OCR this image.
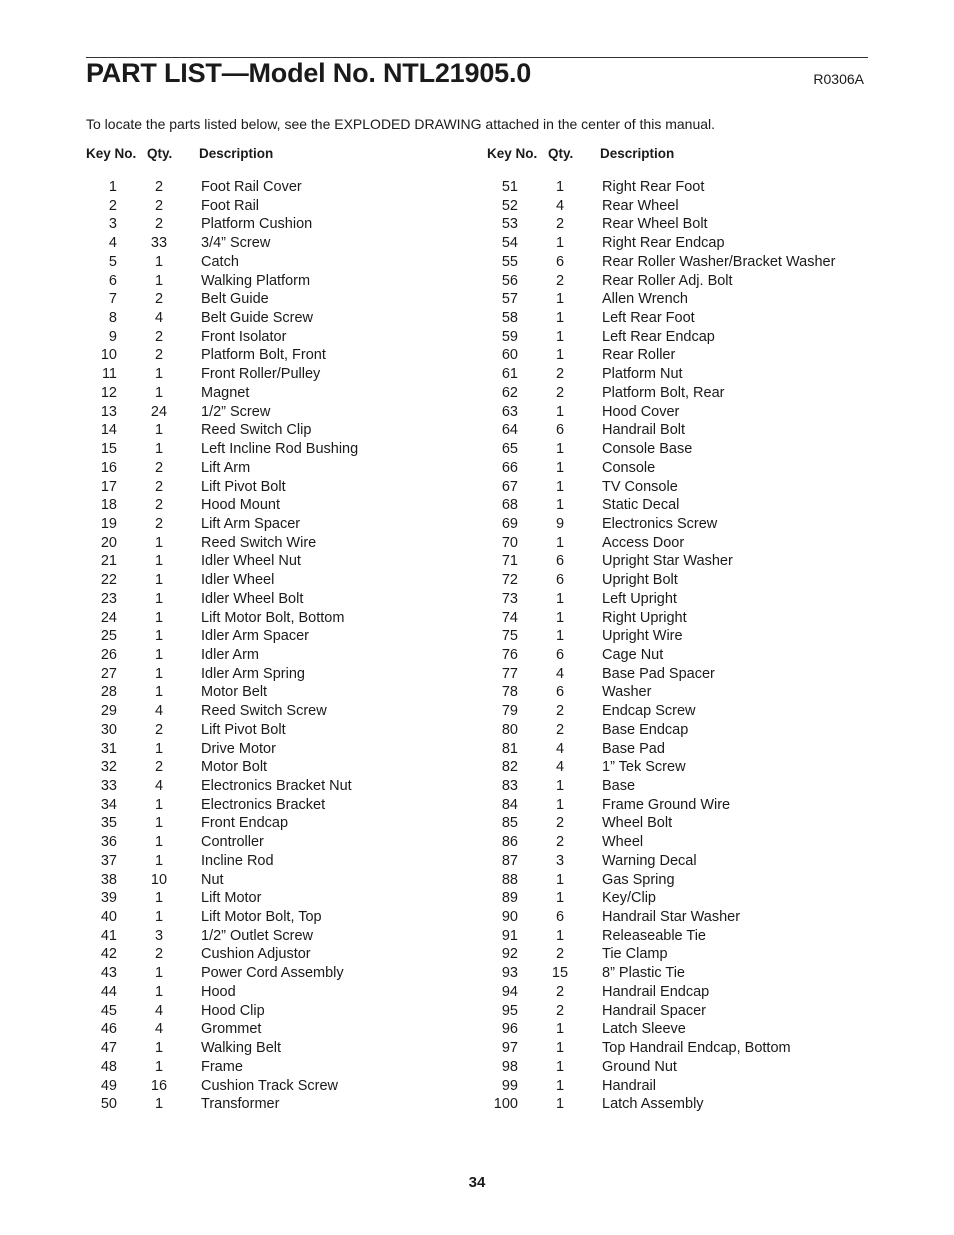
PART LIST—Model No. NTL21905.0	R0306A
To locate the parts listed below, see the EXPLODED DRAWING attached in the center of this manual.
Key No. Qty. Description
1	2	Foot Rail Cover
2	2	Foot Rail
3	2	Platform Cushion
4	33	3/4” Screw
5	1	Catch
6	1	Walking Platform
7	2	Belt Guide
8	4	Belt Guide Screw
9	2	Front Isolator
10	2	Platform Bolt, Front
11	1	Front Roller/Pulley
12	1	Magnet
13	24	1/2” Screw
14	1	Reed Switch Clip
15	1	Left Incline Rod Bushing
16	2	Lift Arm
17	2	Lift Pivot Bolt
18	2	Hood Mount
19	2	Lift Arm Spacer
20	1	Reed Switch Wire
21	1	Idler Wheel Nut
22	1	Idler Wheel
23	1	Idler Wheel Bolt
24	1	Lift Motor Bolt, Bottom
25	1	Idler Arm Spacer
26	1	Idler Arm
27	1	Idler Arm Spring
28	1	Motor Belt
29	4	Reed Switch Screw
30	2	Lift Pivot Bolt
31	1	Drive Motor
32	2	Motor Bolt
33	4	Electronics Bracket Nut
34	1	Electronics Bracket
35	1	Front Endcap
36	1	Controller
37	1	Incline Rod
38	10	Nut
39	1	Lift Motor
40	1	Lift Motor Bolt, Top
41	3	1/2” Outlet Screw
42	2	Cushion Adjustor
43	1	Power Cord Assembly
44	1	Hood
45	4	Hood Clip
46	4	Grommet
47	1	Walking Belt
48	1	Frame
49	16	Cushion Track Screw
50	1	Transformer
Key No. Qty. Description
51	1	Right Rear Foot
52	4	Rear Wheel
53	2	Rear Wheel Bolt
54	1	Right Rear Endcap
55	6	Rear Roller Washer/Bracket Washer
56	2	Rear Roller Adj. Bolt
57	1	Allen Wrench
58	1	Left Rear Foot
59	1	Left Rear Endcap
60	1	Rear Roller
61	2	Platform Nut
62	2	Platform Bolt, Rear
63	1	Hood Cover
64	6	Handrail Bolt
65	1	Console Base
66	1	Console
67	1	TV Console
68	1	Static Decal
69	9	Electronics Screw
70	1	Access Door
71	6	Upright Star Washer
72	6	Upright Bolt
73	1	Left Upright
74	1	Right Upright
75	1	Upright Wire
76	6	Cage Nut
77	4	Base Pad Spacer
78	6	Washer
79	2	Endcap Screw
80	2	Base Endcap
81	4	Base Pad
82	4	1” Tek Screw
83	1	Base
84	1	Frame Ground Wire
85	2	Wheel Bolt
86	2	Wheel
87	3	Warning Decal
88	1	Gas Spring
89	1	Key/Clip
90	6	Handrail Star Washer
91	1	Releaseable Tie
92	2	Tie Clamp
93	15	8” Plastic Tie
94	2	Handrail Endcap
95	2	Handrail Spacer
96	1	Latch Sleeve
97	1	Top Handrail Endcap, Bottom
98	1	Ground Nut
99	1	Handrail
100	1	Latch Assembly
34
